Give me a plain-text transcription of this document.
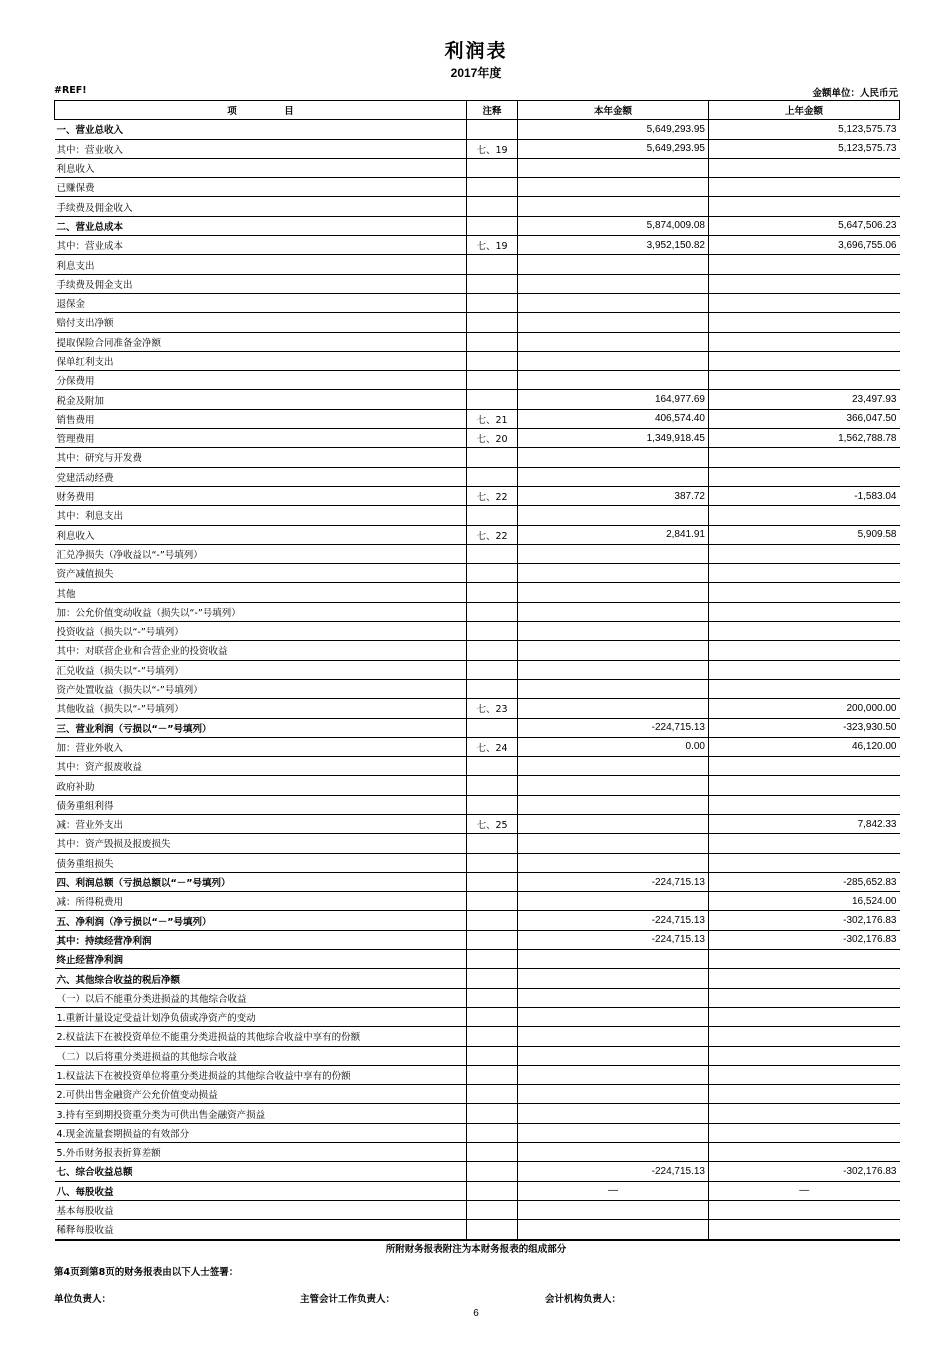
利润表
2017年度
#REF!	金额单位：人民币元
项　　　　　目	注释	本年金额	上年金额
一、营业总收入		5,649,293.95	5,123,575.73
其中：营业收入	七、19	5,649,293.95	5,123,575.73
利息收入			
已赚保费			
手续费及佣金收入			
二、营业总成本		5,874,009.08	5,647,506.23
其中：营业成本	七、19	3,952,150.82	3,696,755.06
利息支出			
手续费及佣金支出			
退保金			
赔付支出净额			
提取保险合同准备金净额			
保单红利支出			
分保费用			
税金及附加		164,977.69	23,497.93
销售费用	七、21	406,574.40	366,047.50
管理费用	七、20	1,349,918.45	1,562,788.78
其中：研究与开发费			
党建活动经费			
财务费用	七、22	387.72	-1,583.04
其中：利息支出			
利息收入	七、22	2,841.91	5,909.58
汇兑净损失（净收益以“-”号填列）			
资产减值损失			
其他			
加：公允价值变动收益（损失以“-”号填列）			
投资收益（损失以“-”号填列）			
其中：对联营企业和合营企业的投资收益			
汇兑收益（损失以“-”号填列）			
资产处置收益（损失以“-”号填列）			
其他收益（损失以“-”号填列）	七、23		200,000.00
三、营业利润（亏损以“－”号填列）		-224,715.13	-323,930.50
加：营业外收入	七、24	0.00	46,120.00
其中：资产报废收益			
政府补助			
债务重组利得			
减：营业外支出	七、25		7,842.33
其中：资产毁损及报废损失			
债务重组损失			
四、利润总额（亏损总额以“－”号填列）		-224,715.13	-285,652.83
减：所得税费用			16,524.00
五、净利润（净亏损以“－”号填列）		-224,715.13	-302,176.83
其中：持续经营净利润		-224,715.13	-302,176.83
终止经营净利润			
六、其他综合收益的税后净额			
（一）以后不能重分类进损益的其他综合收益			
1.重新计量设定受益计划净负债或净资产的变动			
2.权益法下在被投资单位不能重分类进损益的其他综合收益中享有的份额			
（二）以后将重分类进损益的其他综合收益			
1.权益法下在被投资单位将重分类进损益的其他综合收益中享有的份额			
2.可供出售金融资产公允价值变动损益			
3.持有至到期投资重分类为可供出售金融资产损益			
4.现金流量套期损益的有效部分			
5.外币财务报表折算差额			
七、综合收益总额		-224,715.13	-302,176.83
八、每股收益		—	—
基本每股收益			
稀释每股收益			
所附财务报表附注为本财务报表的组成部分
第4页到第8页的财务报表由以下人士签署：
单位负责人：	主管会计工作负责人：	会计机构负责人：
6
